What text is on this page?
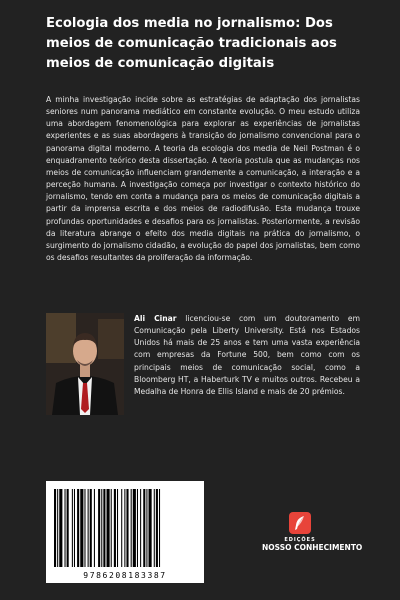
Ecologia dos media no jornalismo: Dos meios de comunicação tradicionais aos meios de comunicação digitais

A minha investigação incide sobre as estratégias de adaptação dos jornalistas seniores num panorama mediático em constante evolução. O meu estudo utiliza uma abordagem fenomenológica para explorar as experiências de jornalistas experientes e as suas abordagens à transição do jornalismo convencional para o panorama digital moderno. A teoria da ecologia dos media de Neil Postman é o enquadramento teórico desta dissertação. A teoria postula que as mudanças nos meios de comunicação influenciam grandemente a comunicação, a interação e a perceção humana. A investigação começa por investigar o contexto histórico do jornalismo, tendo em conta a mudança para os meios de comunicação digitais a partir da imprensa escrita e dos meios de radiodifusão. Esta mudança trouxe profundas oportunidades e desafios para os jornalistas. Posteriormente, a revisão da literatura abrange o efeito dos media digitais na prática do jornalismo, o surgimento do jornalismo cidadão, a evolução do papel dos jornalistas, bem como os desafios resultantes da proliferação da informação.

Ali Cinar licenciou-se com um doutoramento em Comunicação pela Liberty University. Está nos Estados Unidos há mais de 25 anos e tem uma vasta experiência com empresas da Fortune 500, bem como com os principais meios de comunicação social, como a Bloomberg HT, a Haberturk TV e muitos outros. Recebeu a Medalha de Honra de Ellis Island e mais de 20 prémios.

9786208183387
EDIÇÕES
NOSSO CONHECIMENTO
